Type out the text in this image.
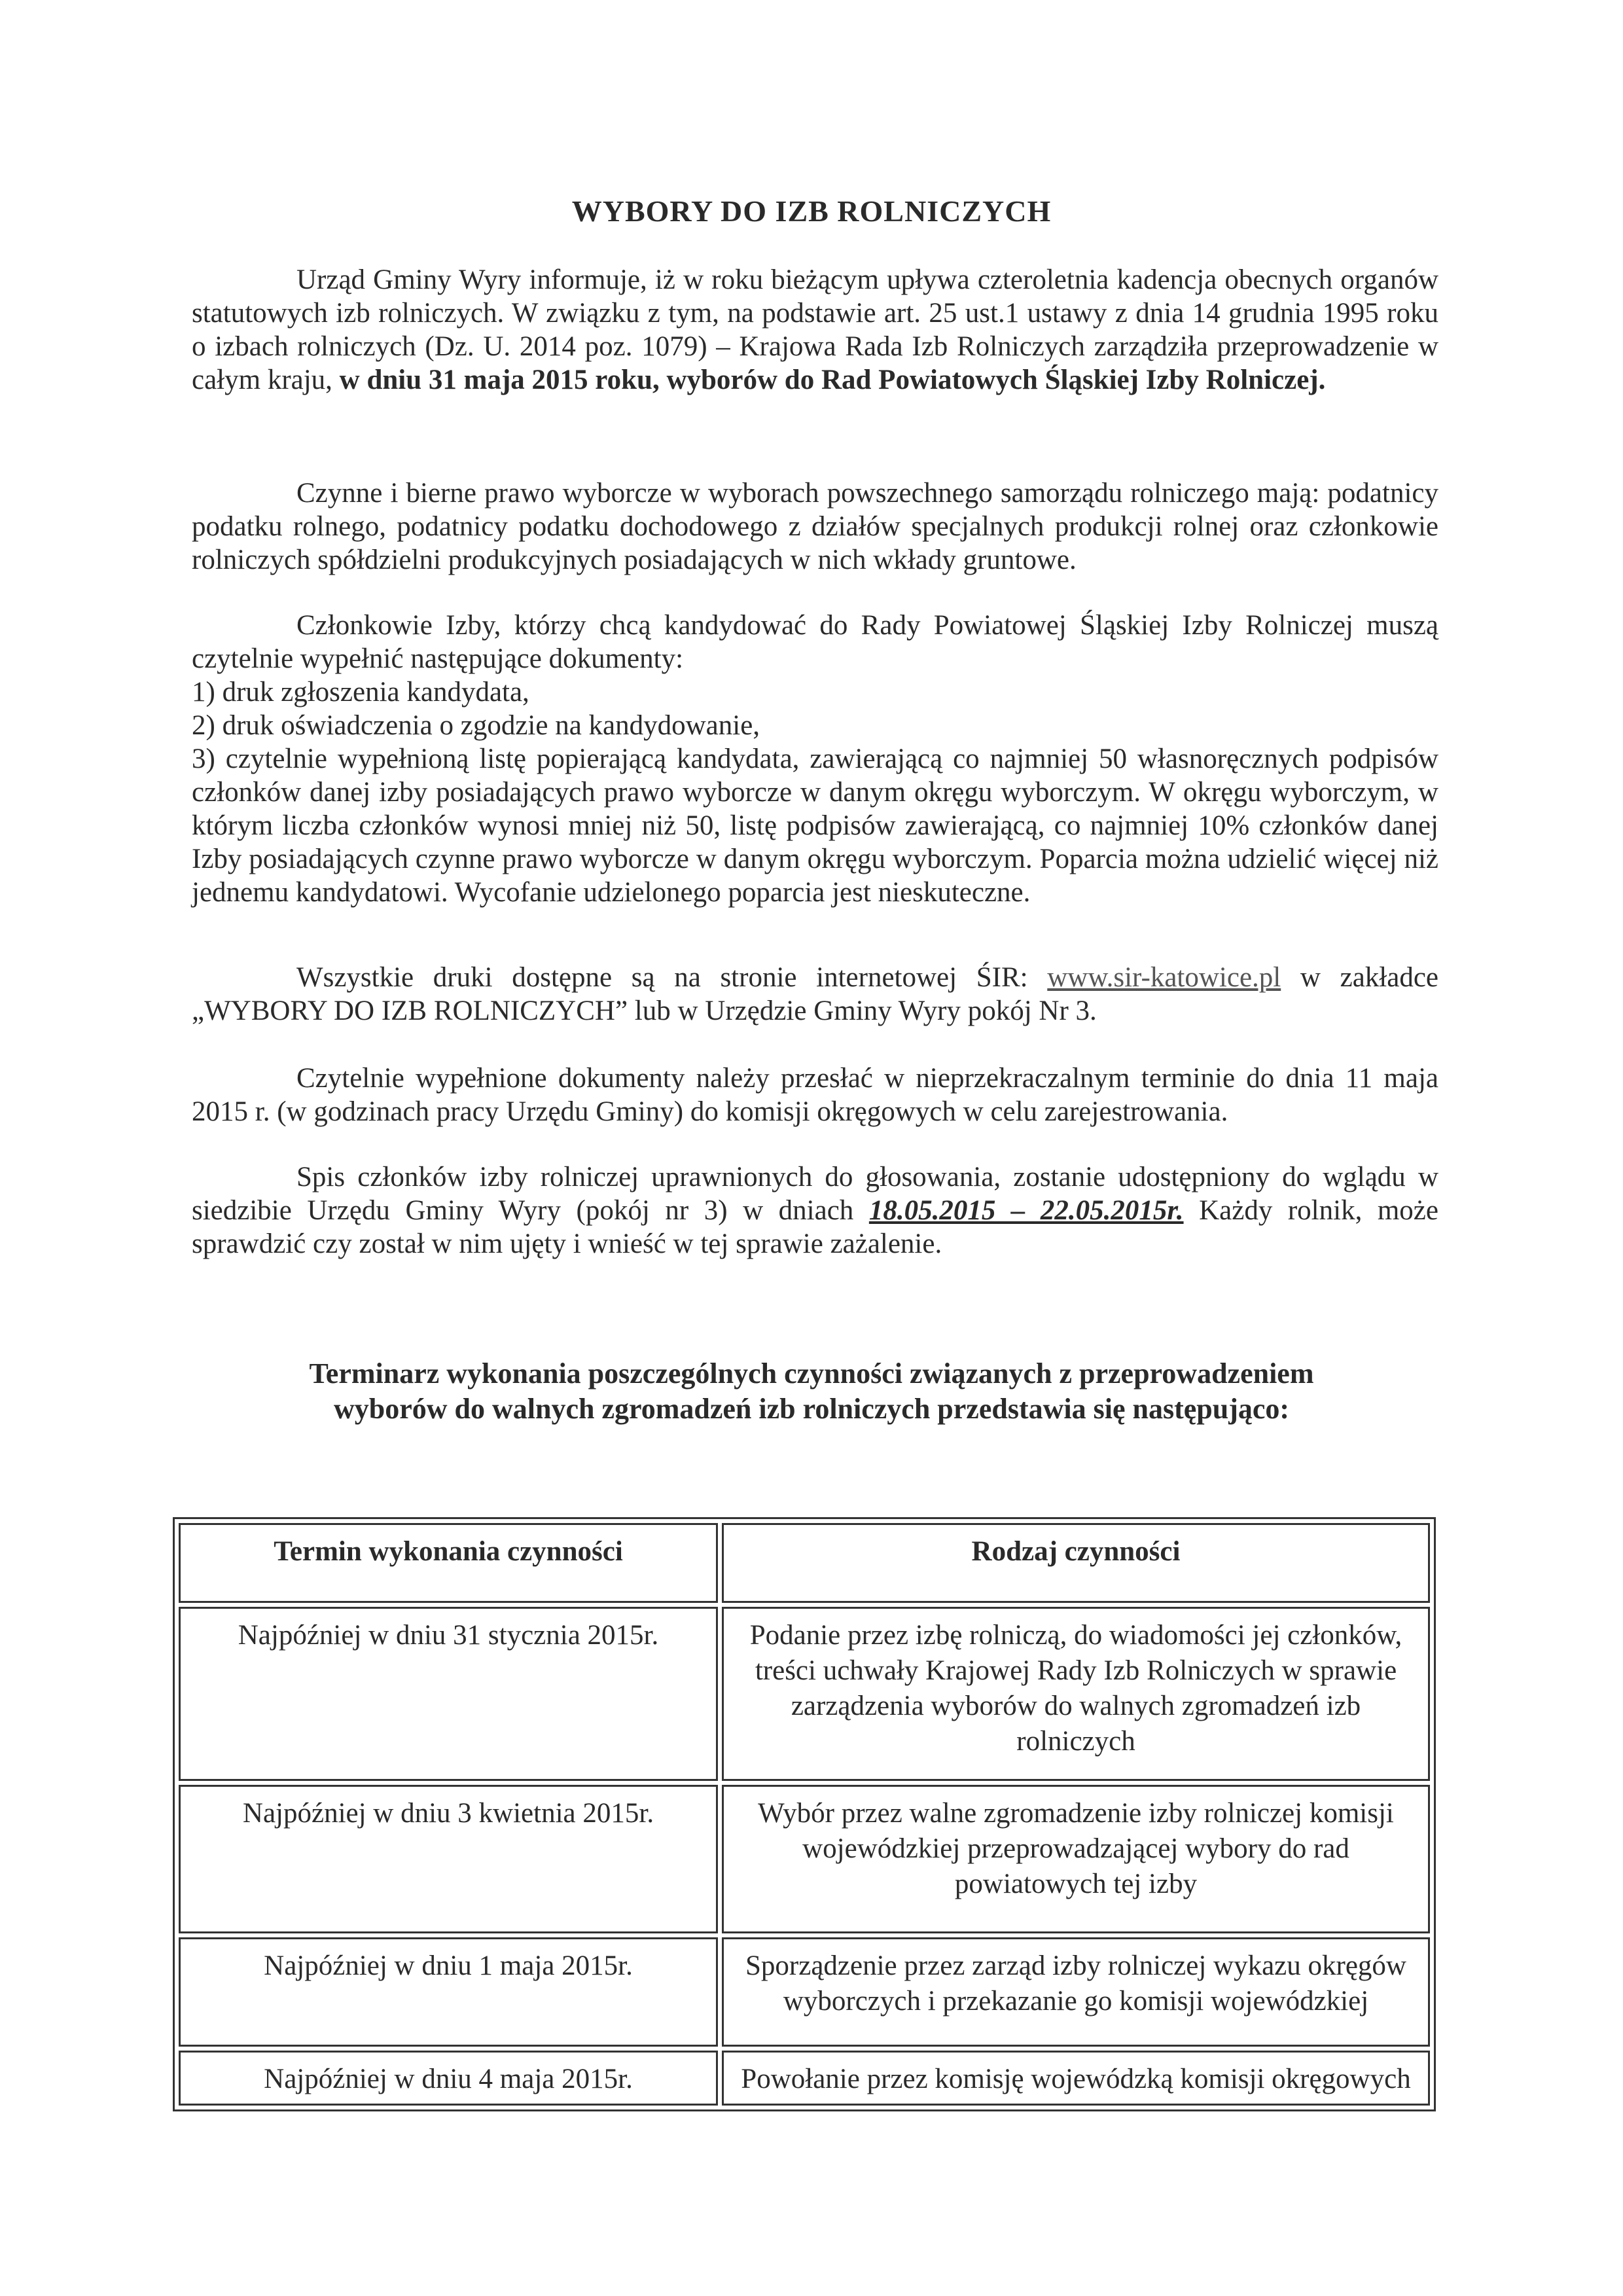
WYBORY DO IZB ROLNICZYCH

Urząd Gminy Wyry informuje, iż w roku bieżącym upływa czteroletnia kadencja obecnych organów statutowych izb rolniczych. W związku z tym, na podstawie art. 25 ust.1 ustawy z dnia 14 grudnia 1995 roku o izbach rolniczych (Dz. U. 2014 poz. 1079) – Krajowa Rada Izb Rolniczych zarządziła przeprowadzenie w całym kraju, w dniu 31 maja 2015 roku, wyborów do Rad Powiatowych Śląskiej Izby Rolniczej.

Czynne i bierne prawo wyborcze w wyborach powszechnego samorządu rolniczego mają: podatnicy podatku rolnego, podatnicy podatku dochodowego z działów specjalnych produkcji rolnej oraz członkowie rolniczych spółdzielni produkcyjnych posiadających w nich wkłady gruntowe.

Członkowie Izby, którzy chcą kandydować do Rady Powiatowej Śląskiej Izby Rolniczej muszą czytelnie wypełnić następujące dokumenty:

1) druk zgłoszenia kandydata,

2) druk oświadczenia o zgodzie na kandydowanie,

3) czytelnie wypełnioną listę popierającą kandydata, zawierającą co najmniej 50 własnoręcznych podpisów członków danej izby posiadających prawo wyborcze w danym okręgu wyborczym. W okręgu wyborczym, w którym liczba członków wynosi mniej niż 50, listę podpisów zawierającą, co najmniej 10% członków danej Izby posiadających czynne prawo wyborcze w danym okręgu wyborczym. Poparcia można udzielić więcej niż jednemu kandydatowi. Wycofanie udzielonego poparcia jest nieskuteczne.

Wszystkie druki dostępne są na stronie internetowej ŚIR: www.sir-katowice.pl w zakładce „WYBORY DO IZB ROLNICZYCH” lub w Urzędzie Gminy Wyry pokój Nr 3.

Czytelnie wypełnione dokumenty należy przesłać w nieprzekraczalnym terminie do dnia 11 maja 2015 r. (w godzinach pracy Urzędu Gminy) do komisji okręgowych w celu zarejestrowania.

Spis członków izby rolniczej uprawnionych do głosowania, zostanie udostępniony do wglądu w siedzibie Urzędu Gminy Wyry (pokój nr 3) w dniach 18.05.2015 – 22.05.2015r. Każdy rolnik, może sprawdzić czy został w nim ujęty i wnieść w tej sprawie zażalenie.

Terminarz wykonania poszczególnych czynności związanych z przeprowadzeniem
wyborów do walnych zgromadzeń izb rolniczych przedstawia się następująco:
Termin wykonania czynności	Rodzaj czynności
Najpóźniej w dniu 31 stycznia 2015r.	Podanie przez izbę rolniczą, do wiadomości jej członków, treści uchwały Krajowej Rady Izb Rolniczych w sprawie zarządzenia wyborów do walnych zgromadzeń izb rolniczych
Najpóźniej w dniu 3 kwietnia 2015r.	Wybór przez walne zgromadzenie izby rolniczej komisji wojewódzkiej przeprowadzającej wybory do rad powiatowych tej izby
Najpóźniej w dniu 1 maja 2015r.	Sporządzenie przez zarząd izby rolniczej wykazu okręgów wyborczych i przekazanie go komisji wojewódzkiej
Najpóźniej w dniu 4 maja 2015r.	Powołanie przez komisję wojewódzką komisji okręgowych
